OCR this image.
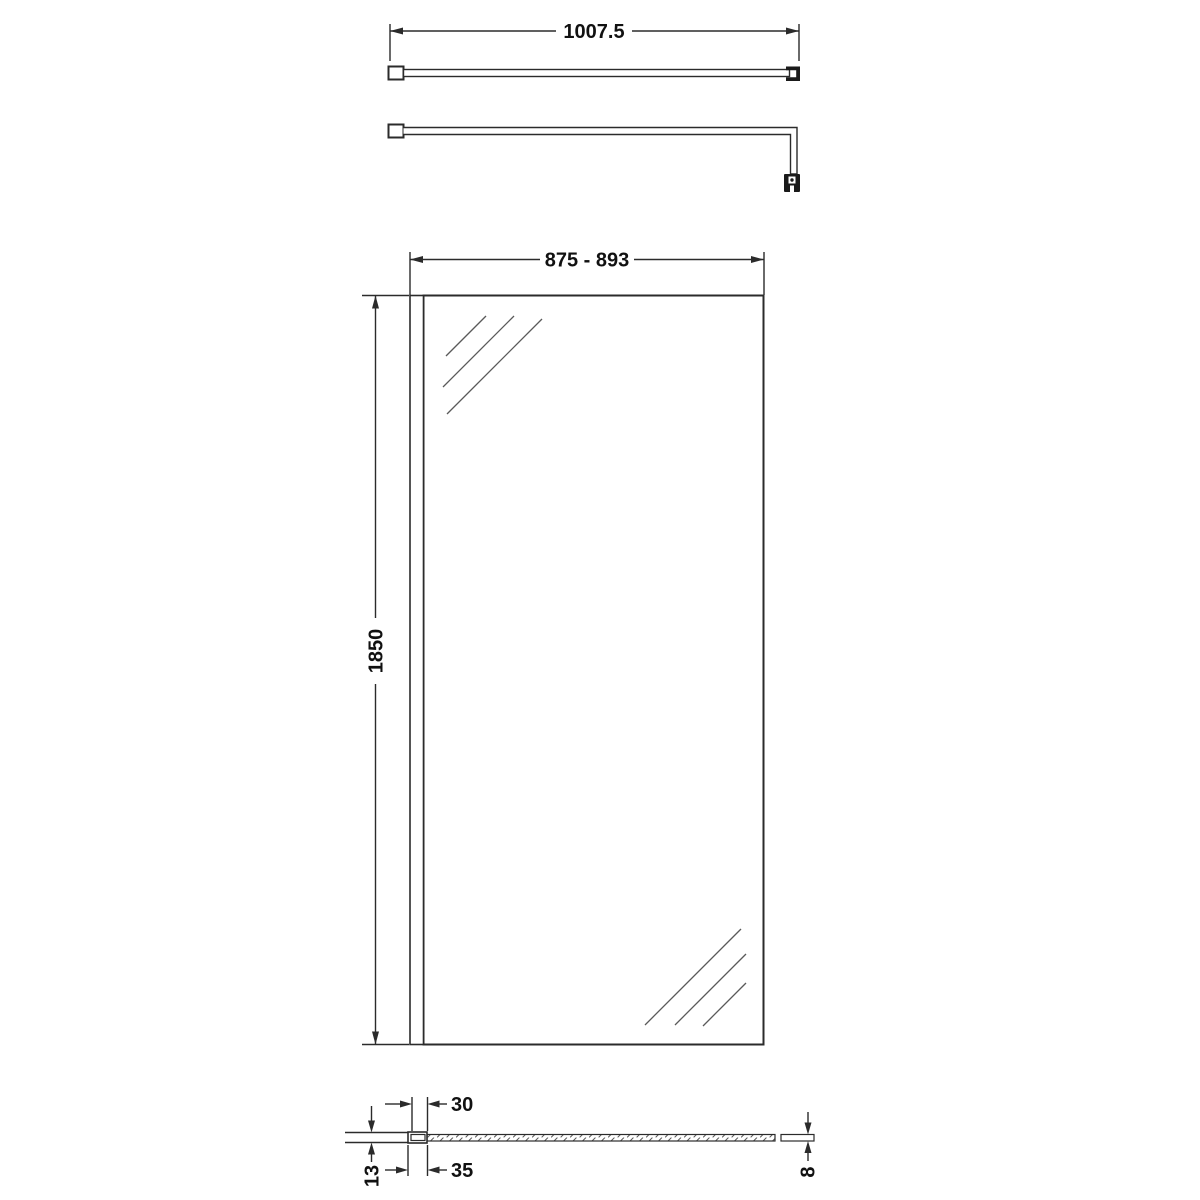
1007.5
875 - 893
1850
30
35
13	8
